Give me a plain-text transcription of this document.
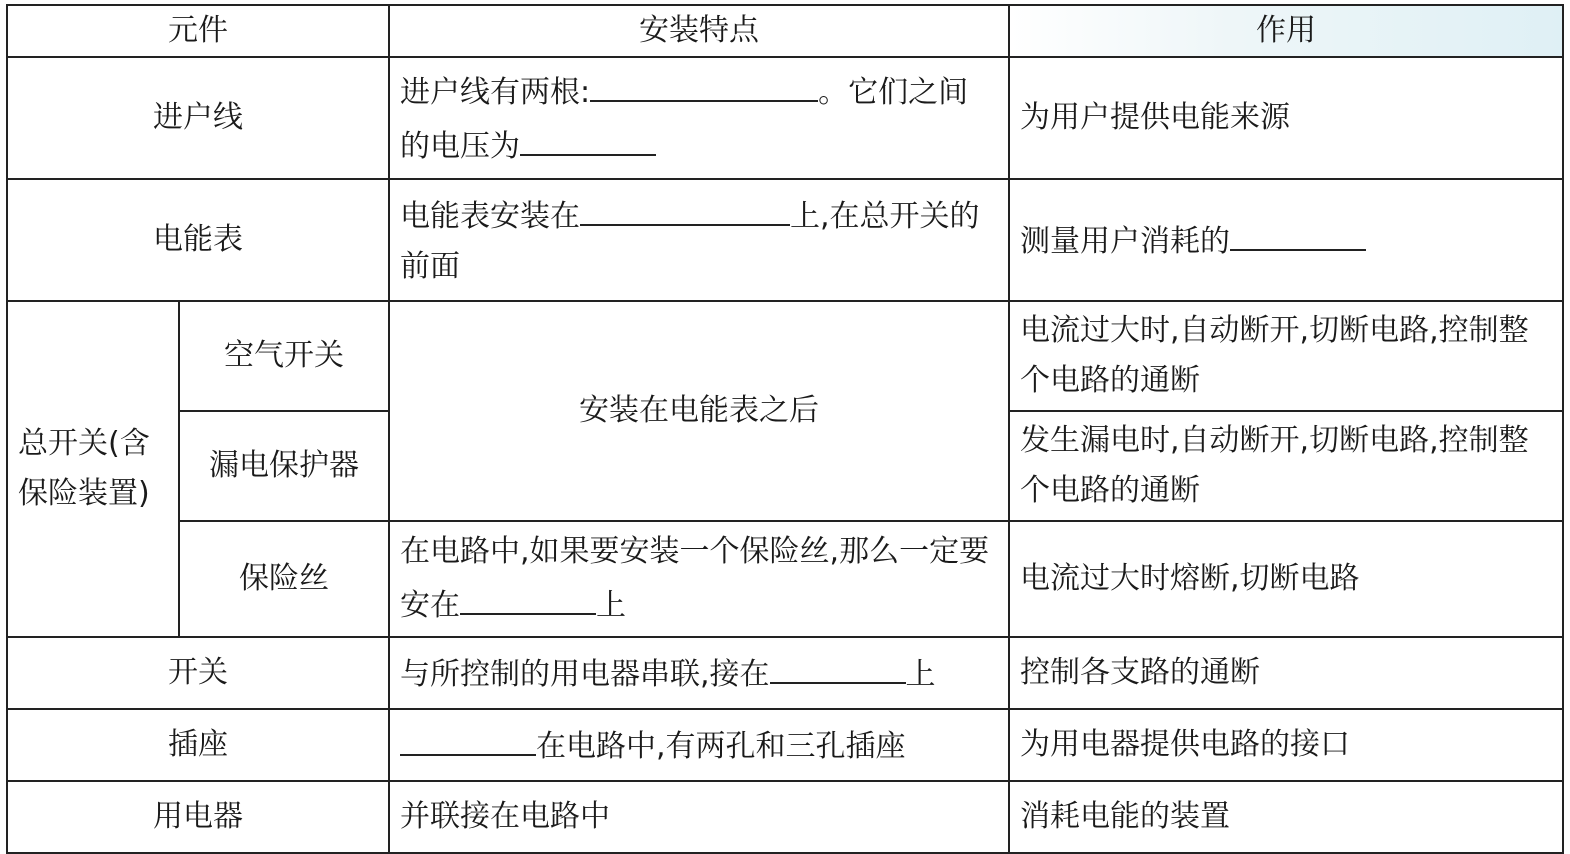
元件		安装特点	作用
进户线		进户线有两根: 。它们之间的电压为	为用户提供电能来源
电能表		电能表安装在 上,在总开关的前面	测量用户消耗的
总开关(含保险装置)	空气开关	安装在电能表之后	电流过大时,自动断开,切断电路,控制整个电路的通断
	漏电保护器		发生漏电时,自动断开,切断电路,控制整个电路的通断
	保险丝	在电路中,如果要安装一个保险丝,那么一定要安在 上	电流过大时熔断,切断电路
开关		与所控制的用电器串联,接在 上	控制各支路的通断
插座		在电路中,有两孔和三孔插座	为用电器提供电路的接口
用电器		并联接在电路中	消耗电能的装置
